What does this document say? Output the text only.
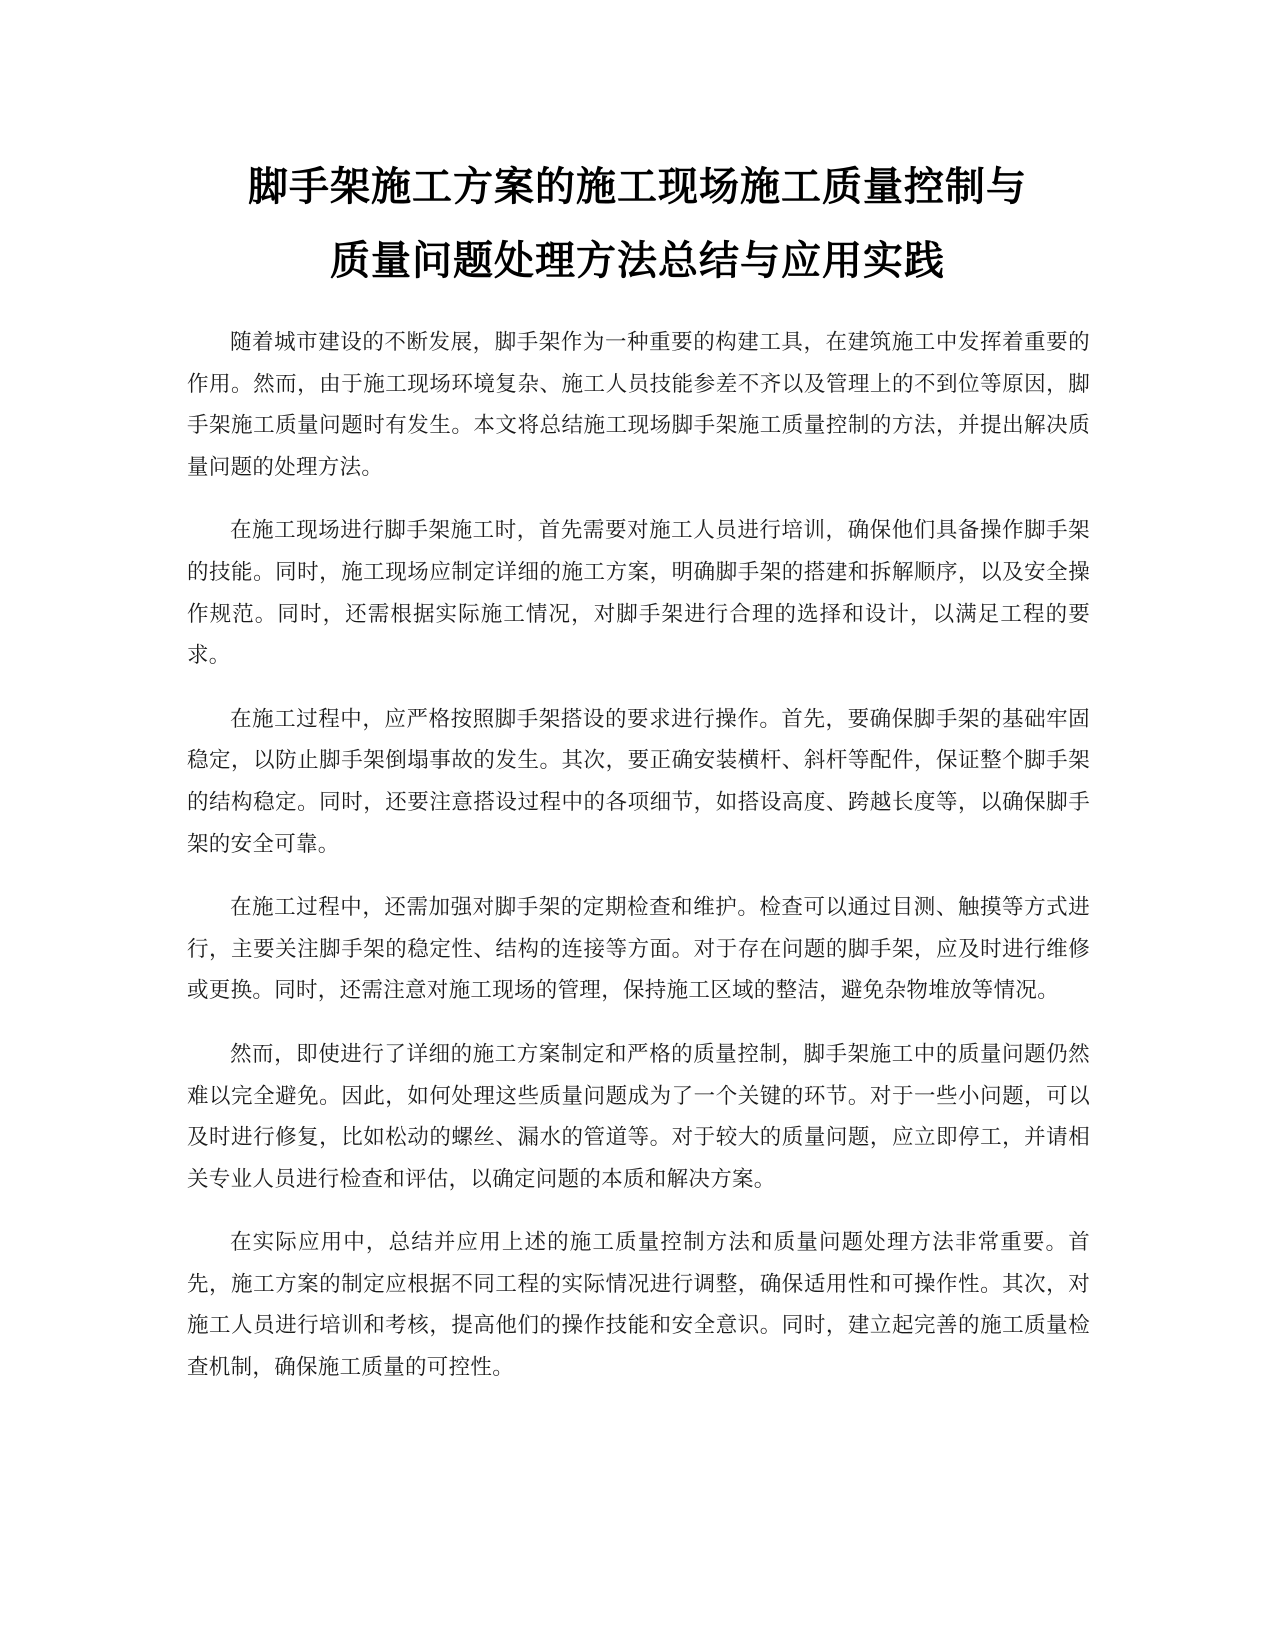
脚手架施工方案的施工现场施工质量控制与
质量问题处理方法总结与应用实践

随着城市建设的不断发展，脚手架作为一种重要的构建工具，在建筑施工中发挥着重要的作用。然而，由于施工现场环境复杂、施工人员技能参差不齐以及管理上的不到位等原因，脚手架施工质量问题时有发生。本文将总结施工现场脚手架施工质量控制的方法，并提出解决质量问题的处理方法。

在施工现场进行脚手架施工时，首先需要对施工人员进行培训，确保他们具备操作脚手架的技能。同时，施工现场应制定详细的施工方案，明确脚手架的搭建和拆解顺序，以及安全操作规范。同时，还需根据实际施工情况，对脚手架进行合理的选择和设计，以满足工程的要求。

在施工过程中，应严格按照脚手架搭设的要求进行操作。首先，要确保脚手架的基础牢固稳定，以防止脚手架倒塌事故的发生。其次，要正确安装横杆、斜杆等配件，保证整个脚手架的结构稳定。同时，还要注意搭设过程中的各项细节，如搭设高度、跨越长度等，以确保脚手架的安全可靠。

在施工过程中，还需加强对脚手架的定期检查和维护。检查可以通过目测、触摸等方式进行，主要关注脚手架的稳定性、结构的连接等方面。对于存在问题的脚手架，应及时进行维修或更换。同时，还需注意对施工现场的管理，保持施工区域的整洁，避免杂物堆放等情况。

然而，即使进行了详细的施工方案制定和严格的质量控制，脚手架施工中的质量问题仍然难以完全避免。因此，如何处理这些质量问题成为了一个关键的环节。对于一些小问题，可以及时进行修复，比如松动的螺丝、漏水的管道等。对于较大的质量问题，应立即停工，并请相关专业人员进行检查和评估，以确定问题的本质和解决方案。

在实际应用中，总结并应用上述的施工质量控制方法和质量问题处理方法非常重要。首先，施工方案的制定应根据不同工程的实际情况进行调整，确保适用性和可操作性。其次，对施工人员进行培训和考核，提高他们的操作技能和安全意识。同时，建立起完善的施工质量检查机制，确保施工质量的可控性。
